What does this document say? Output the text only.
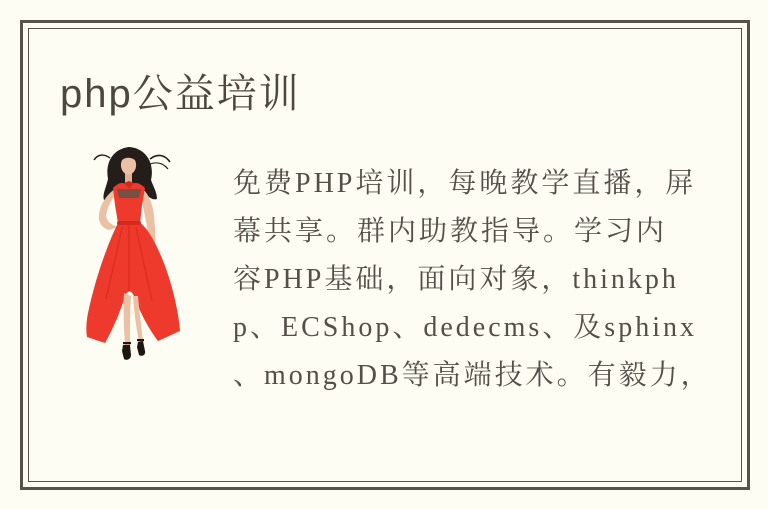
php公益培训

免费PHP培训，每晚教学直播，屏

幕共享。群内助教指导。学习内

容PHP基础，面向对象，thinkph

p、ECShop、dedecms、及sphinx

、mongoDB等高端技术。有毅力，
